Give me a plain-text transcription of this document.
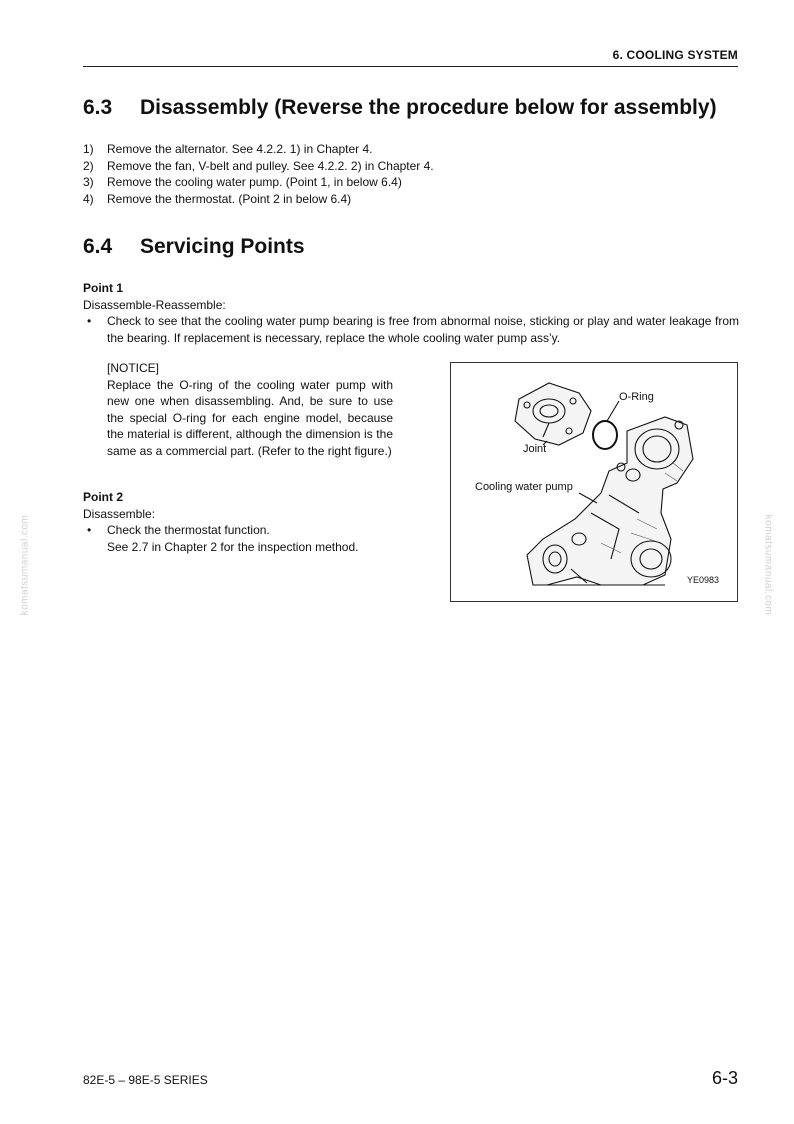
6. COOLING SYSTEM
6.3 Disassembly (Reverse the procedure below for assembly)
1)	Remove the alternator. See 4.2.2. 1) in Chapter 4.
2)	Remove the fan, V-belt and pulley. See 4.2.2. 2) in Chapter 4.
3)	Remove the cooling water pump. (Point 1, in below 6.4)
4)	Remove the thermostat. (Point 2 in below 6.4)
6.4 Servicing Points
Point 1
Disassemble-Reassemble:
•	Check to see that the cooling water pump bearing is free from abnormal noise, sticking or play and water leakage from the bearing. If replacement is necessary, replace the whole cooling water pump ass’y.
[NOTICE]
Replace the O-ring of the cooling water pump with new one when disassembling. And, be sure to use the special O-ring for each engine model, because the material is different, although the dimension is the same as a commercial part. (Refer to the right figure.)
Point 2
Disassemble:
•	Check the thermostat function.
See 2.7 in Chapter 2 for the inspection method.
O-Ring
Joint
Cooling water pump
YE0983
komatsumanual.com	komatsumanual.com
82E-5 – 98E-5 SERIES	6-3
